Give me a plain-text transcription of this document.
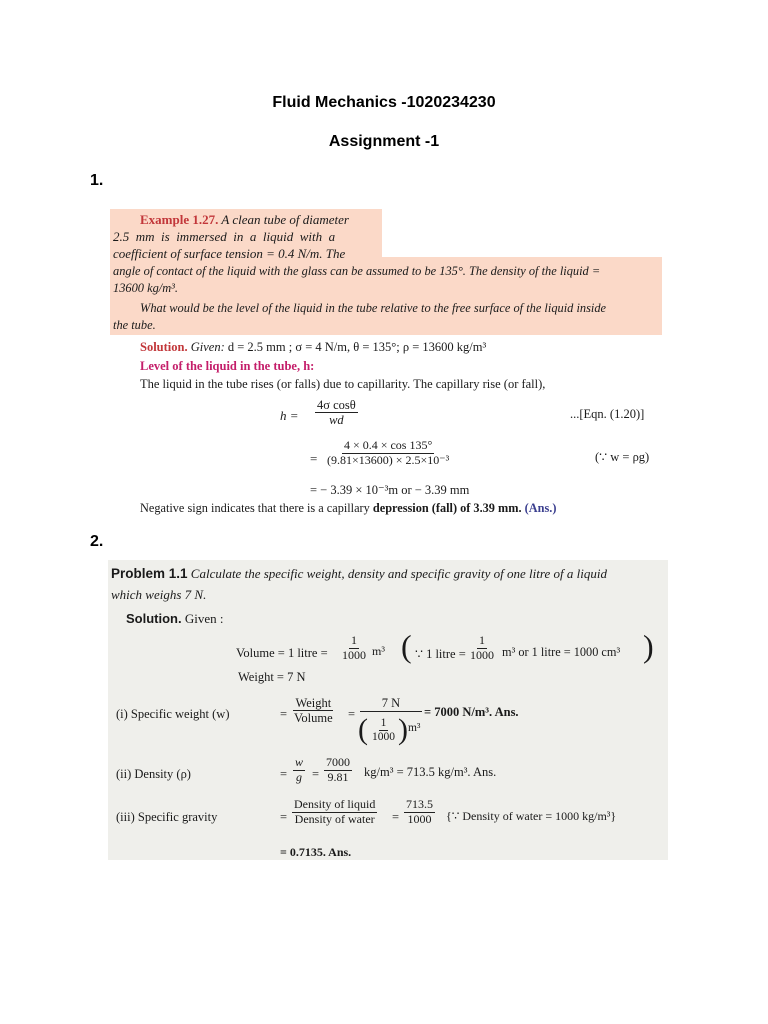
Fluid Mechanics -1020234230
Assignment -1
1.
Example 1.27. A clean tube of diameter
2.5  mm  is  immersed  in  a  liquid  with  a
coefficient of surface tension = 0.4 N/m. The
angle of contact of the liquid with the glass can be assumed to be 135°. The density of the liquid =
13600 kg/m³.
What would be the level of the liquid in the tube relative to the free surface of the liquid inside
the tube.
Solution. Given: d = 2.5 mm ; σ = 4 N/m, θ = 135°; ρ = 13600 kg/m³
Level of the liquid in the tube, h:
The liquid in the tube rises (or falls) due to capillarity. The capillary rise (or fall),
$h = \frac{\text{4σ cosθ}}{wd}$	...[Eqn. (1.20)]
= $\frac{4 \times 0.4 \times \cos 135^\circ}{\text{(9.81×13600) × 2.5×10⁻³}}$	(∵ w = ρg)
= − 3.39 × 10⁻³m or − 3.39 mm
Negative sign indicates that there is a capillary depression (fall) of 3.39 mm. (Ans.)
2.
Problem 1.1 Calculate the specific weight, density and specific gravity of one litre of a liquid
which weighs 7 N.
Solution. Given :
Volume = 1 litre = $\frac{1}{1000} m^3$ ( ∵ 1 litre = $\frac{1}{1000} m^3$ or 1 litre = 1000 cm³ )
Weight = 7 N
(i) Specific weight (w)	=
Weight
Volume =
7 N
( $\frac{1}{1000}$ ) m³
= 7000 N/m³. Ans.
(ii) Density (ρ)	= $\frac{w}{g} = \frac{7000}{9.81} kg/m^3 = 713.5$ kg/m³. Ans.
(iii) Specific gravity	=
Density of liquid
Density of water = $\frac{713.5}{1000}$ {∵ Density of water = 1000 kg/m³}
= 0.7135. Ans.
